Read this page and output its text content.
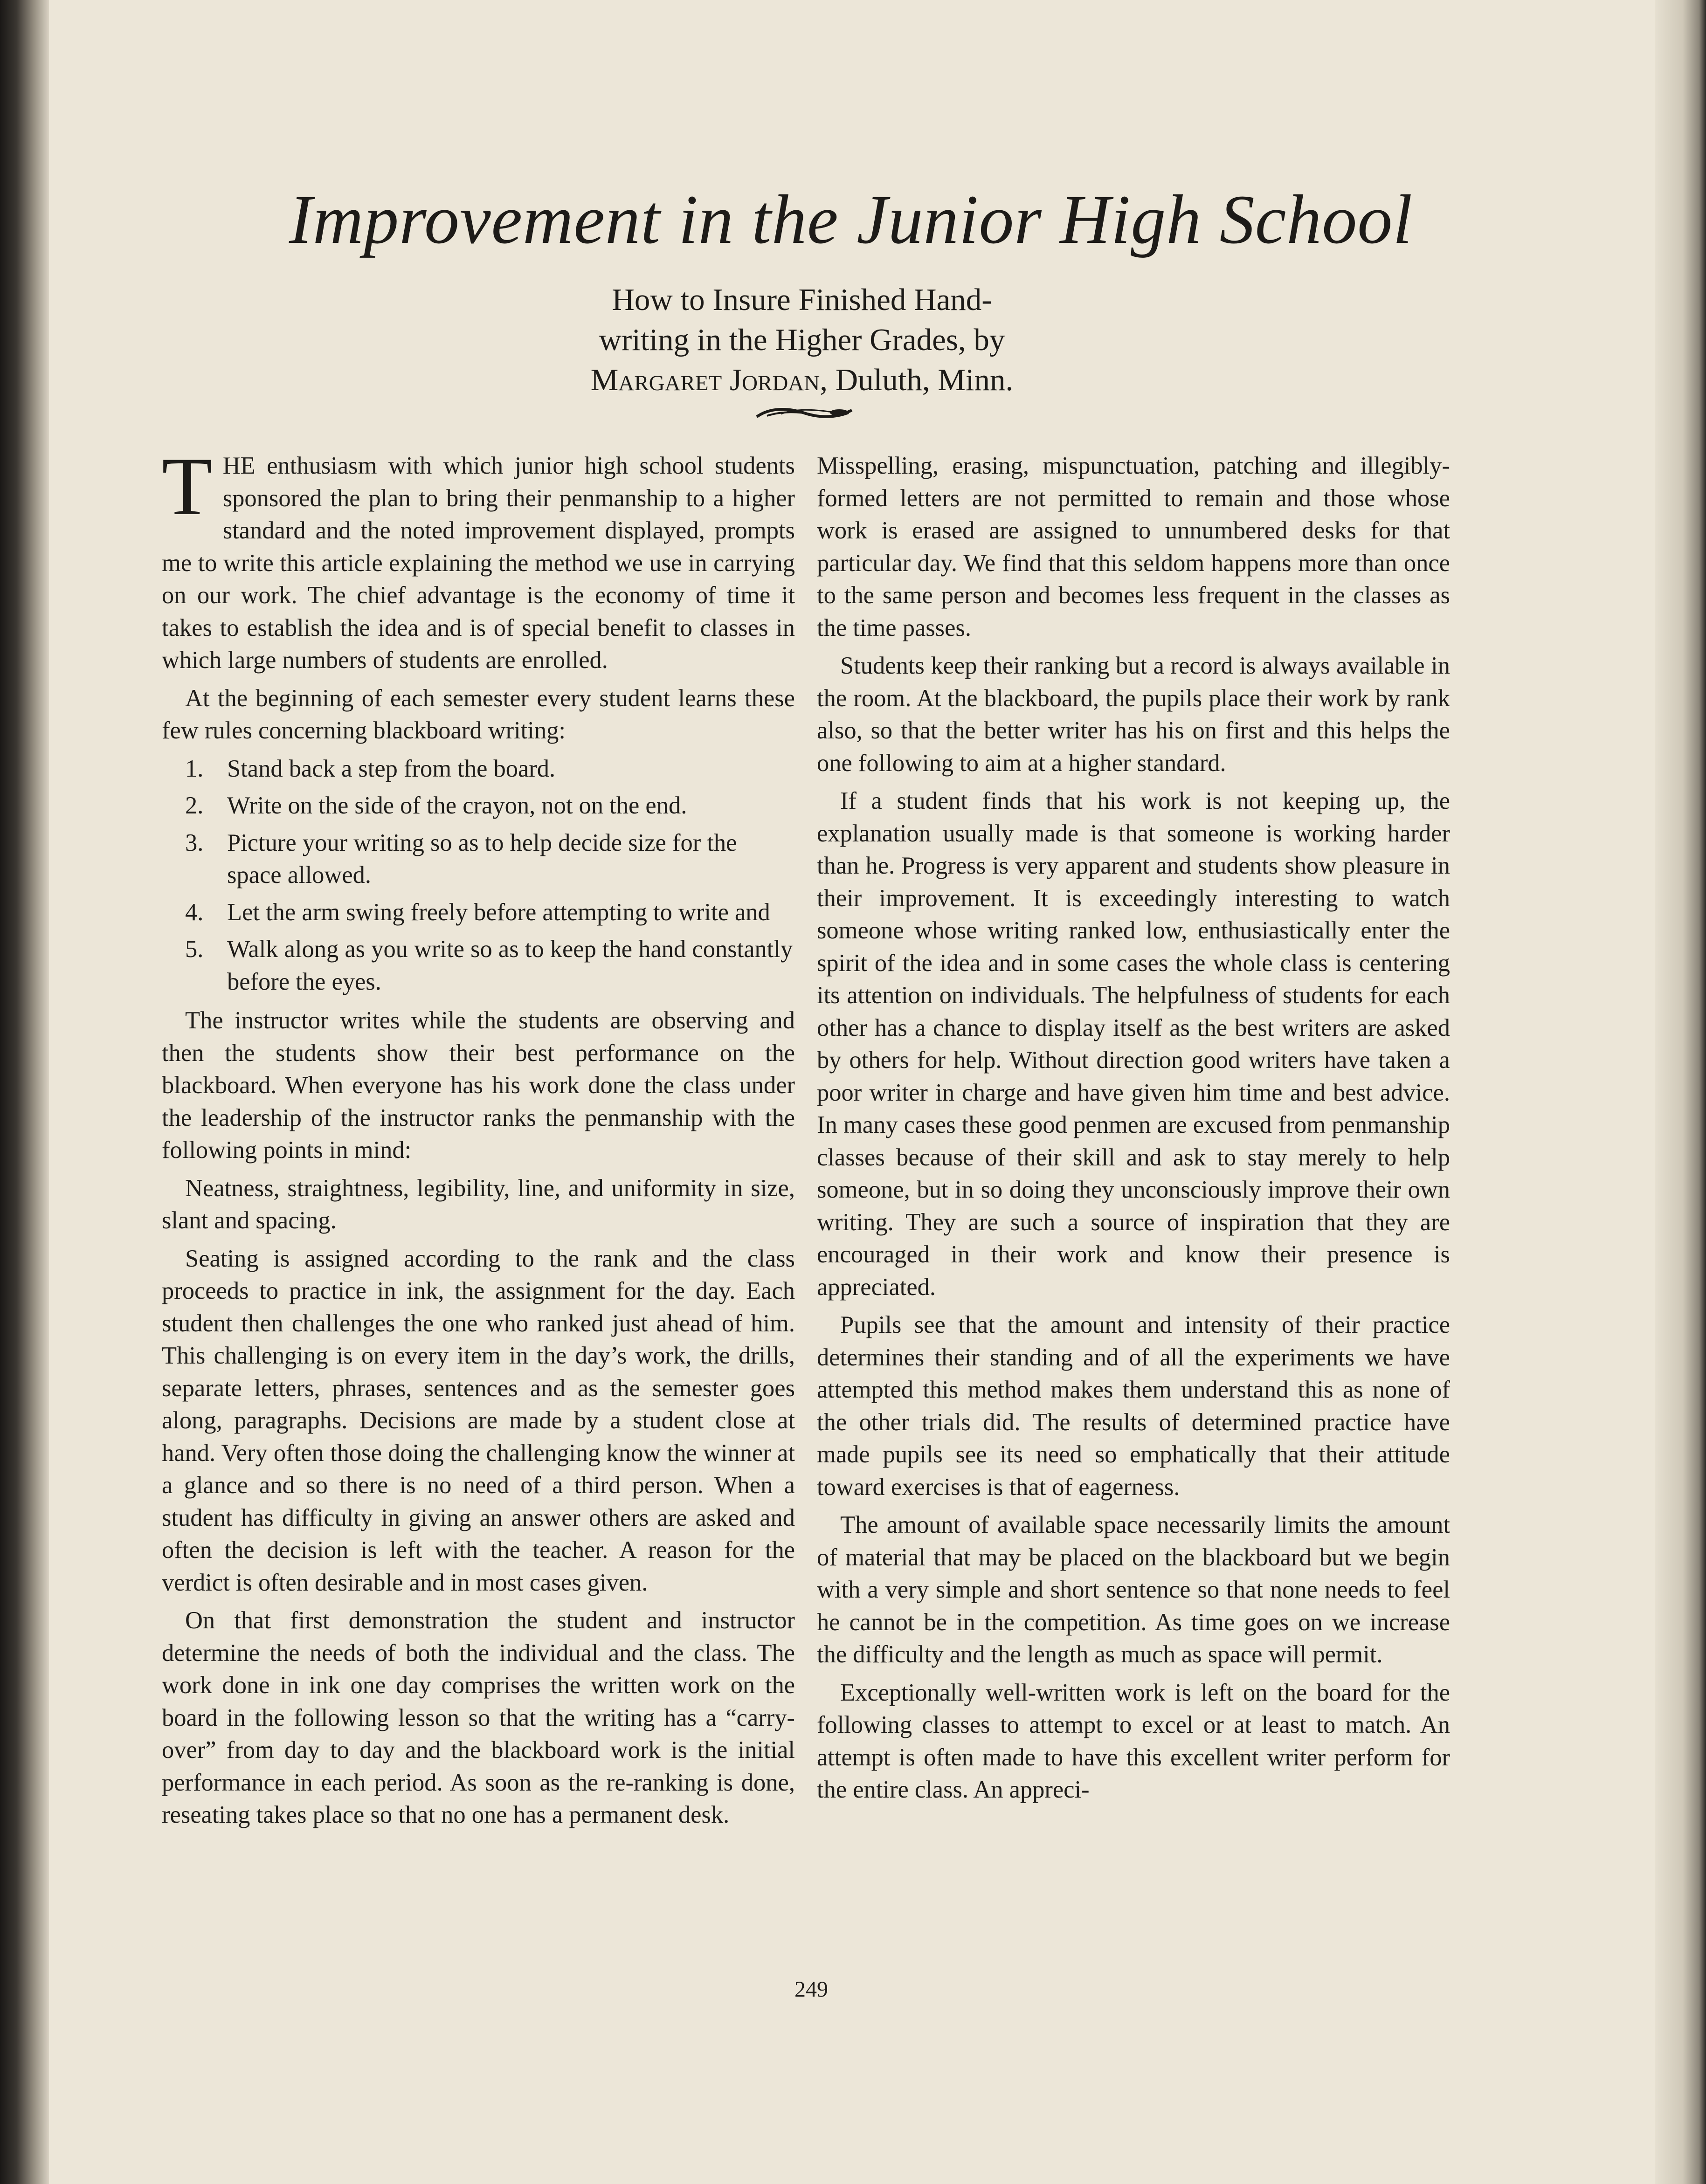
Improvement in the Junior High School
How to Insure Finished Hand-
writing in the Higher Grades, by
Margaret Jordan, Duluth, Minn.

THE enthusiasm with which junior high school students sponsored the plan to bring their penmanship to a higher standard and the noted improvement displayed, prompts me to write this article explaining the method we use in carrying on our work. The chief advantage is the economy of time it takes to establish the idea and is of special benefit to classes in which large numbers of students are enrolled.

At the beginning of each semester every student learns these few rules concerning blackboard writing:

1. Stand back a step from the board.
2. Write on the side of the crayon, not on the end.
3. Picture your writing so as to help decide size for the space allowed.
4. Let the arm swing freely before attempting to write and
5. Walk along as you write so as to keep the hand constantly before the eyes.

The instructor writes while the students are observing and then the students show their best performance on the blackboard. When everyone has his work done the class under the leadership of the instructor ranks the penmanship with the following points in mind:

Neatness, straightness, legibility, line, and uniformity in size, slant and spacing.

Seating is assigned according to the rank and the class proceeds to practice in ink, the assignment for the day. Each student then challenges the one who ranked just ahead of him. This challenging is on every item in the day’s work, the drills, separate letters, phrases, sentences and as the semester goes along, paragraphs. Decisions are made by a student close at hand. Very often those doing the challenging know the winner at a glance and so there is no need of a third person. When a student has difficulty in giving an answer others are asked and often the decision is left with the teacher. A reason for the verdict is often desirable and in most cases given.

On that first demonstration the student and instructor determine the needs of both the individual and the class. The work done in ink one day comprises the written work on the board in the following lesson so that the writing has a “carry-over” from day to day and the blackboard work is the initial performance in each period. As soon as the re-ranking is done, reseating takes place so that no one has a permanent desk.

Misspelling, erasing, mispunctuation, patching and illegibly-formed letters are not permitted to remain and those whose work is erased are assigned to unnumbered desks for that particular day. We find that this seldom happens more than once to the same person and becomes less frequent in the classes as the time passes.

Students keep their ranking but a record is always available in the room. At the blackboard, the pupils place their work by rank also, so that the better writer has his on first and this helps the one following to aim at a higher standard.

If a student finds that his work is not keeping up, the explanation usually made is that someone is working harder than he. Progress is very apparent and students show pleasure in their improvement. It is exceedingly interesting to watch someone whose writing ranked low, enthusiastically enter the spirit of the idea and in some cases the whole class is centering its attention on individuals. The helpfulness of students for each other has a chance to display itself as the best writers are asked by others for help. Without direction good writers have taken a poor writer in charge and have given him time and best advice. In many cases these good penmen are excused from penmanship classes because of their skill and ask to stay merely to help someone, but in so doing they unconsciously improve their own writing. They are such a source of inspiration that they are encouraged in their work and know their presence is appreciated.

Pupils see that the amount and intensity of their practice determines their standing and of all the experiments we have attempted this method makes them understand this as none of the other trials did. The results of determined practice have made pupils see its need so emphatically that their attitude toward exercises is that of eagerness.

The amount of available space necessarily limits the amount of material that may be placed on the blackboard but we begin with a very simple and short sentence so that none needs to feel he cannot be in the competition. As time goes on we increase the difficulty and the length as much as space will permit.

Exceptionally well-written work is left on the board for the following classes to attempt to excel or at least to match. An attempt is often made to have this excellent writer perform for the entire class. An appreci-

249
